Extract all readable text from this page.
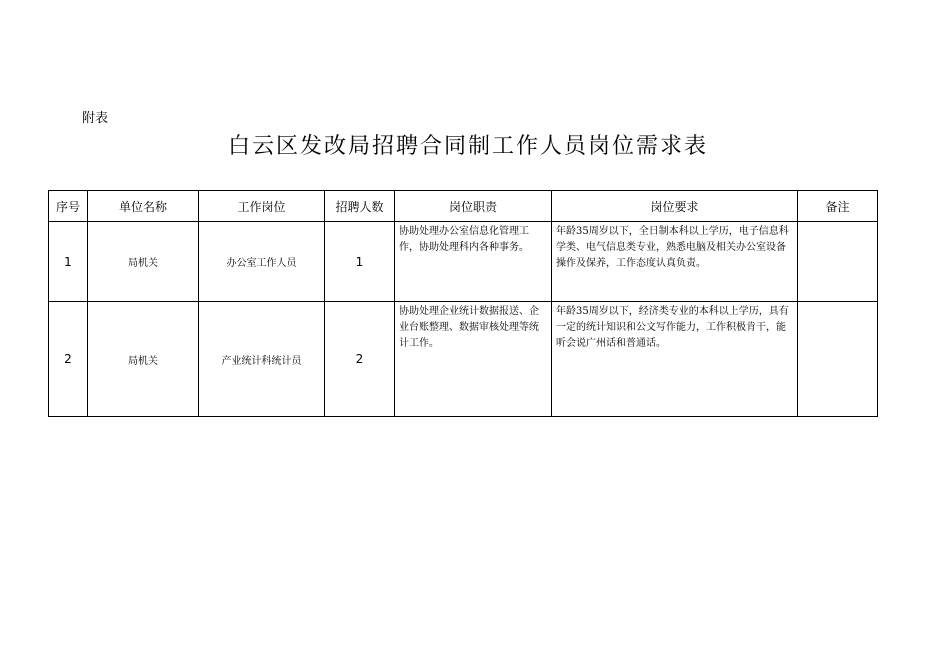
附表
白云区发改局招聘合同制工作人员岗位需求表
序号	单位名称	工作岗位	招聘人数	岗位职责	岗位要求	备注
1	局机关	办公室工作人员	1	协助处理办公室信息化管理工作，协助处理科内各种事务。	年龄35周岁以下，全日制本科以上学历，电子信息科学类、电气信息类专业，熟悉电脑及相关办公室设备操作及保养，工作态度认真负责。	
2	局机关	产业统计科统计员	2	协助处理企业统计数据报送、企业台账整理、数据审核处理等统计工作。	年龄35周岁以下，经济类专业的本科以上学历，具有一定的统计知识和公文写作能力，工作积极肯干，能听会说广州话和普通话。	
